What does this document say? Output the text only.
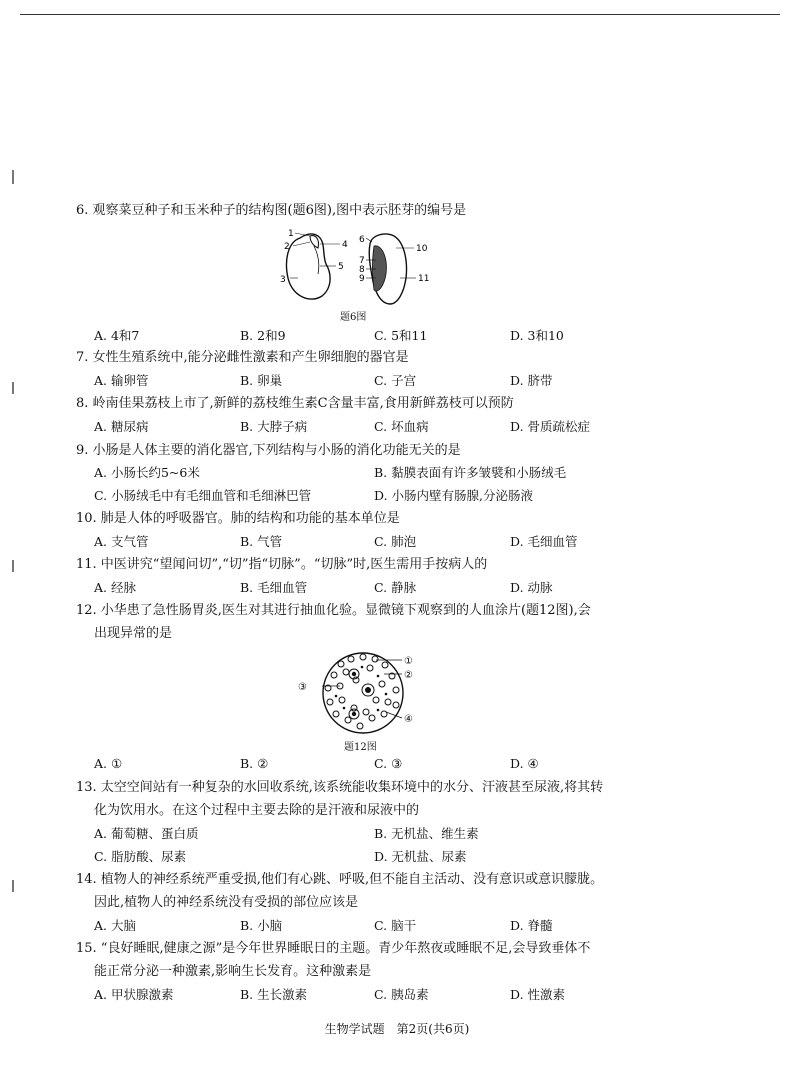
6. 观察菜豆种子和玉米种子的结构图(题6图),图中表示胚芽的编号是
1
2
3
4
5
6
7
8
9
10
11
题6图
A. 4和7	B. 2和9	C. 5和11	D. 3和10
7. 女性生殖系统中,能分泌雌性激素和产生卵细胞的器官是
A. 输卵管	B. 卵巢	C. 子宫	D. 脐带
8. 岭南佳果荔枝上市了,新鲜的荔枝维生素C含量丰富,食用新鲜荔枝可以预防
A. 糖尿病	B. 大脖子病	C. 坏血病	D. 骨质疏松症
9. 小肠是人体主要的消化器官,下列结构与小肠的消化功能无关的是
A. 小肠长约5~6米	B. 黏膜表面有许多皱襞和小肠绒毛
C. 小肠绒毛中有毛细血管和毛细淋巴管	D. 小肠内壁有肠腺,分泌肠液
10. 肺是人体的呼吸器官。肺的结构和功能的基本单位是
A. 支气管	B. 气管	C. 肺泡	D. 毛细血管
11. 中医讲究“望闻问切”,“切”指“切脉”。“切脉”时,医生需用手按病人的
A. 经脉	B. 毛细血管	C. 静脉	D. 动脉
12. 小华患了急性肠胃炎,医生对其进行抽血化验。显微镜下观察到的人血涂片(题12图),会
出现异常的是
①
②
③
④
题12图
A. ①	B. ②	C. ③	D. ④
13. 太空空间站有一种复杂的水回收系统,该系统能收集环境中的水分、汗液甚至尿液,将其转
化为饮用水。在这个过程中主要去除的是汗液和尿液中的
A. 葡萄糖、蛋白质	B. 无机盐、维生素
C. 脂肪酸、尿素	D. 无机盐、尿素
14. 植物人的神经系统严重受损,他们有心跳、呼吸,但不能自主活动、没有意识或意识朦胧。
因此,植物人的神经系统没有受损的部位应该是
A. 大脑	B. 小脑	C. 脑干	D. 脊髓
15. “良好睡眠,健康之源”是今年世界睡眠日的主题。青少年熬夜或睡眠不足,会导致垂体不
能正常分泌一种激素,影响生长发育。这种激素是
A. 甲状腺激素	B. 生长激素	C. 胰岛素	D. 性激素
生物学试题　第2页(共6页)
